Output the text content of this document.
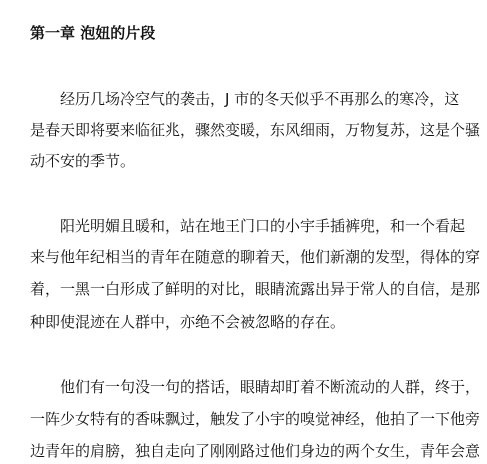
第一章 泡妞的片段
　　经历几场冷空气的袭击，J 市的冬天似乎不再那么的寒冷，这
是春天即将要来临征兆，骤然变暖，东风细雨，万物复苏，这是个骚
动不安的季节。
　　阳光明媚且暖和，站在地王门口的小宇手插裤兜，和一个看起
来与他年纪相当的青年在随意的聊着天，他们新潮的发型，得体的穿
着，一黑一白形成了鲜明的对比，眼睛流露出异于常人的自信，是那
种即使混迹在人群中，亦绝不会被忽略的存在。
　　他们有一句没一句的搭话，眼睛却盯着不断流动的人群，终于，
一阵少女特有的香味飘过，触发了小宇的嗅觉神经，他拍了一下他旁
边青年的肩膀，独自走向了刚刚路过他们身边的两个女生，青年会意
